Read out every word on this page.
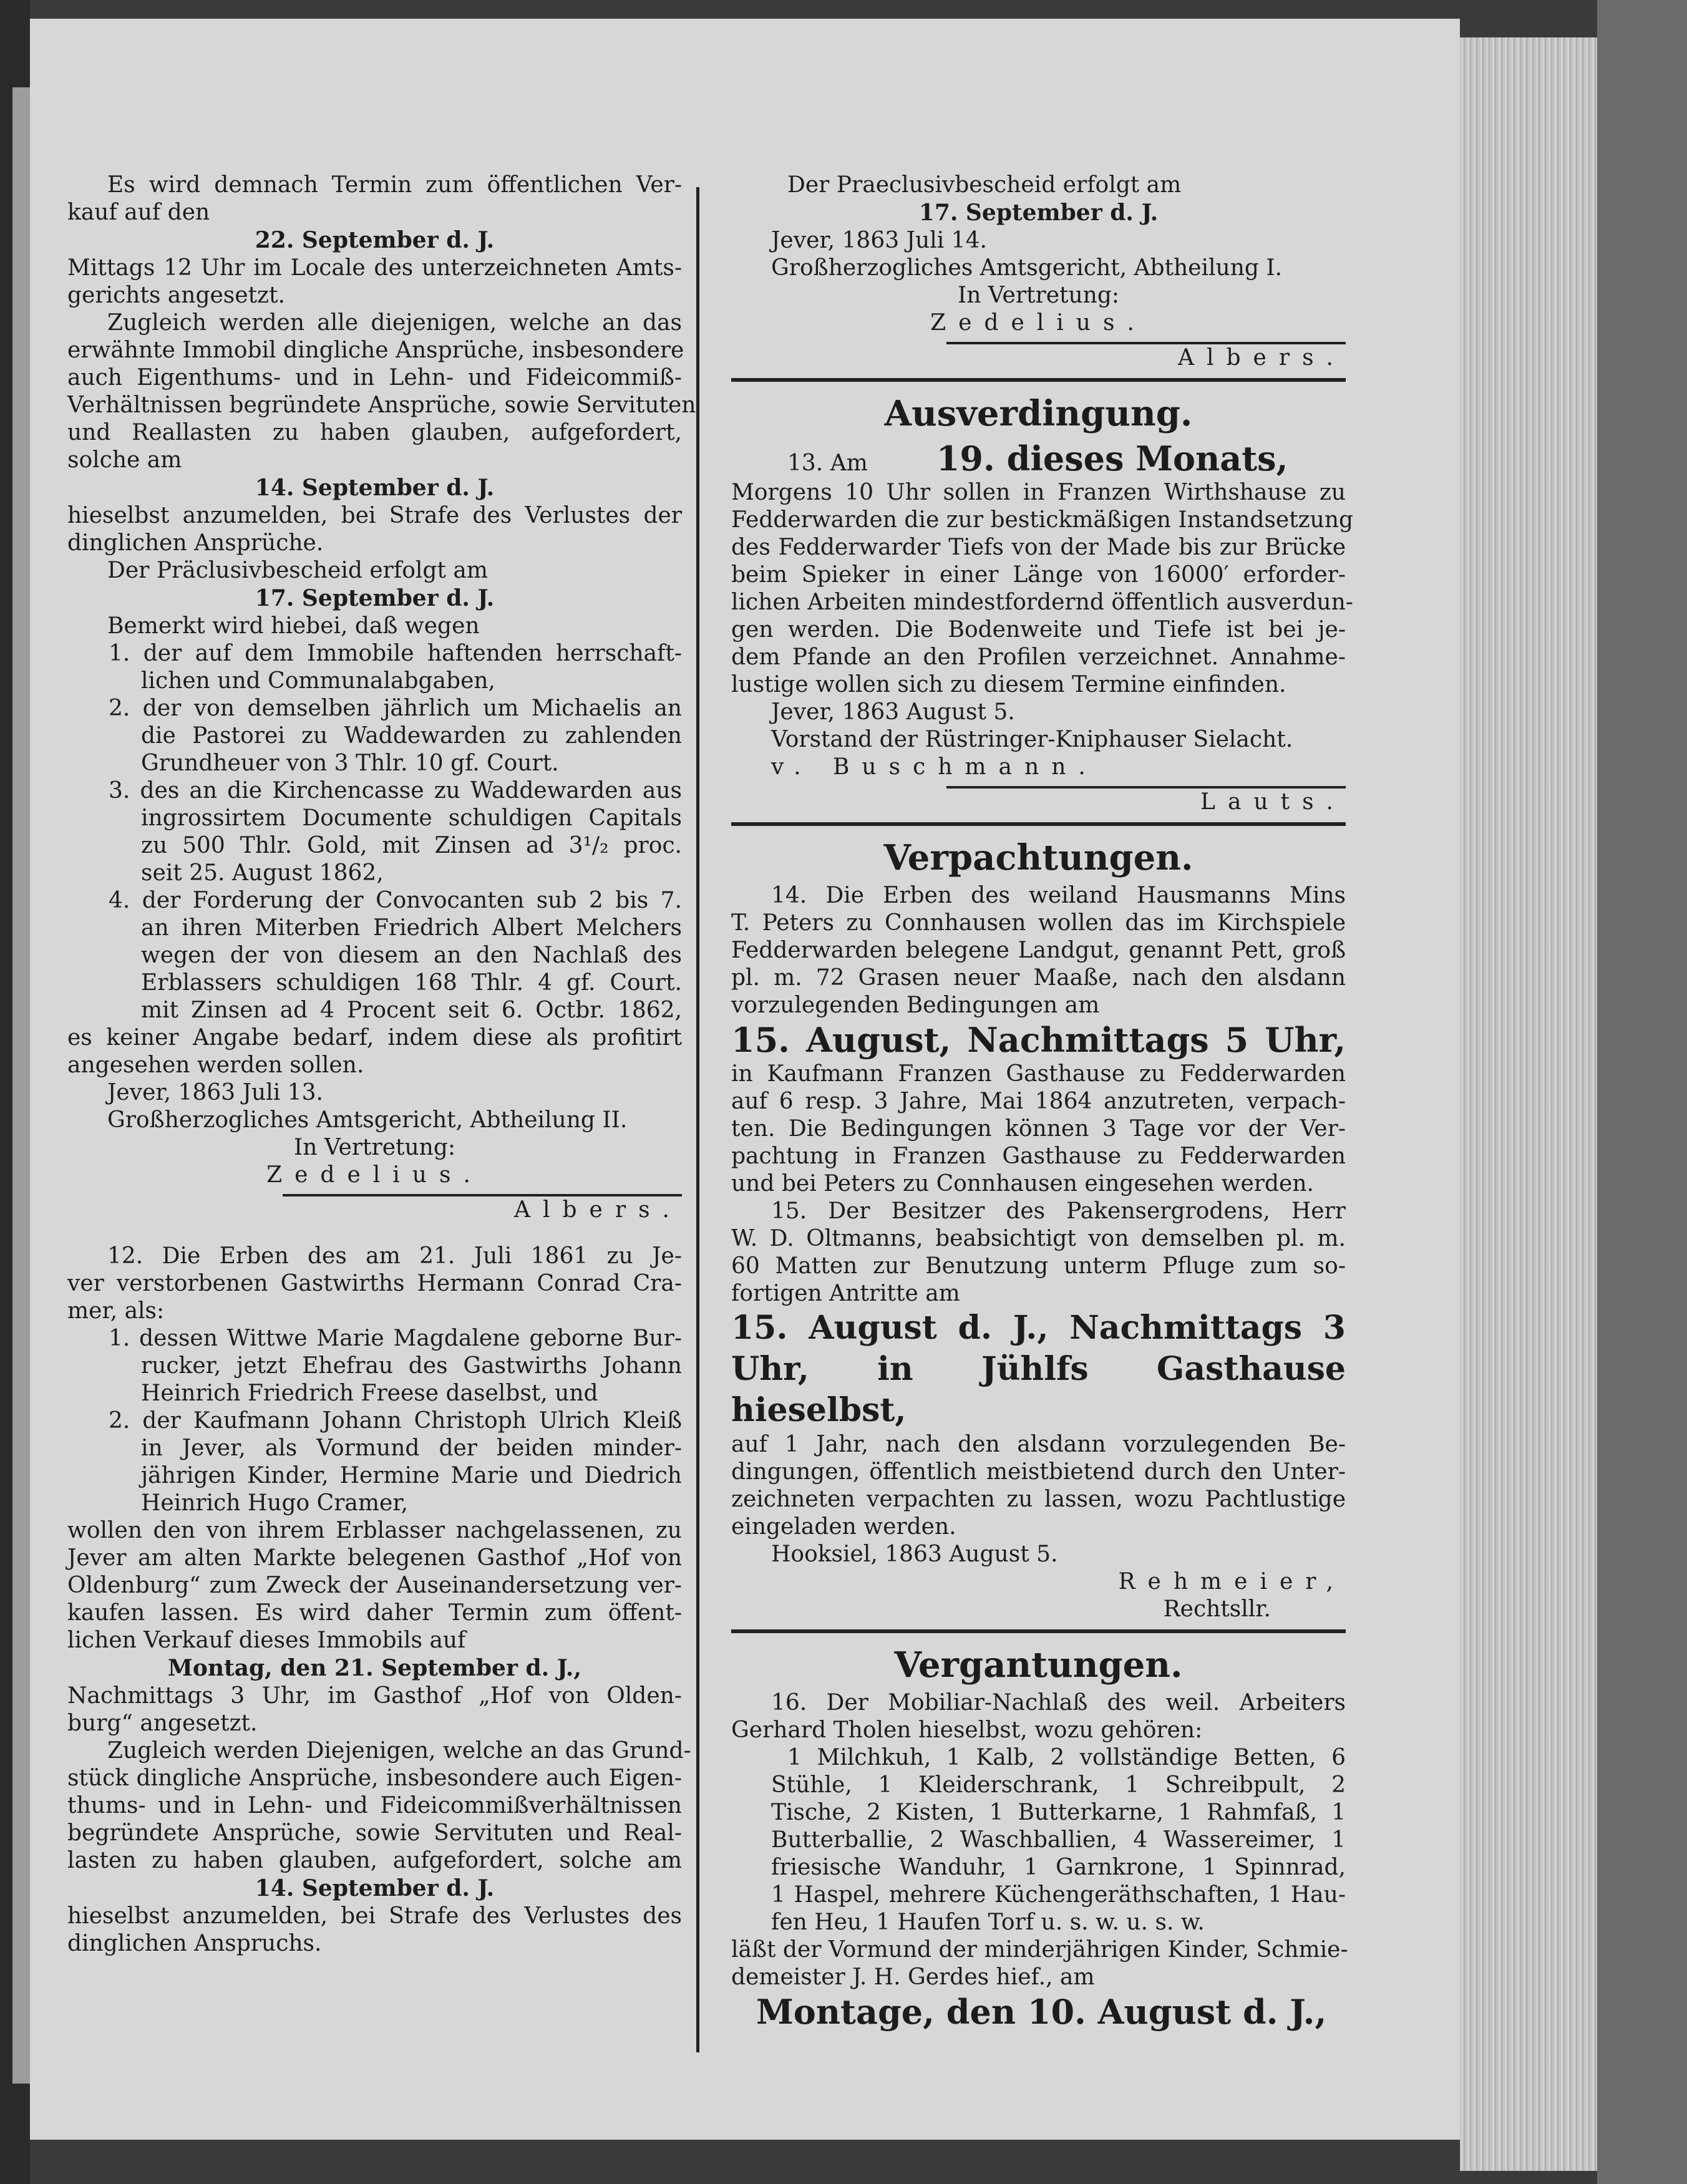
Es wird demnach Termin zum öffentlichen Ver-
kauf auf den
22. September d. J.
Mittags 12 Uhr im Locale des unterzeichneten Amts-
gerichts angesetzt.
Zugleich werden alle diejenigen, welche an das
erwähnte Immobil dingliche Ansprüche, insbesondere
auch Eigenthums- und in Lehn- und Fideicommiß-
Verhältnissen begründete Ansprüche, sowie Servituten
und Reallasten zu haben glauben, aufgefordert,
solche am
14. September d. J.
hieselbst anzumelden, bei Strafe des Verlustes der
dinglichen Ansprüche.
Der Präclusivbescheid erfolgt am
17. September d. J.
Bemerkt wird hiebei, daß wegen
1. der auf dem Immobile haftenden herrschaft-
lichen und Communalabgaben,
2. der von demselben jährlich um Michaelis an
die Pastorei zu Waddewarden zu zahlenden
Grundheuer von 3 Thlr. 10 gf. Court.
3. des an die Kirchencasse zu Waddewarden aus
ingrossirtem Documente schuldigen Capitals
zu 500 Thlr. Gold, mit Zinsen ad 3¹/₂ proc.
seit 25. August 1862,
4. der Forderung der Convocanten sub 2 bis 7.
an ihren Miterben Friedrich Albert Melchers
wegen der von diesem an den Nachlaß des
Erblassers schuldigen 168 Thlr. 4 gf. Court.
mit Zinsen ad 4 Procent seit 6. Octbr. 1862,
es keiner Angabe bedarf, indem diese als profitirt
angesehen werden sollen.
Jever, 1863 Juli 13.
Großherzogliches Amtsgericht, Abtheilung II.
In Vertretung:
Zedelius.
Albers.
12. Die Erben des am 21. Juli 1861 zu Je-
ver verstorbenen Gastwirths Hermann Conrad Cra-
mer, als:
1. dessen Wittwe Marie Magdalene geborne Bur-
rucker, jetzt Ehefrau des Gastwirths Johann
Heinrich Friedrich Freese daselbst, und
2. der Kaufmann Johann Christoph Ulrich Kleiß
in Jever, als Vormund der beiden minder-
jährigen Kinder, Hermine Marie und Diedrich
Heinrich Hugo Cramer,
wollen den von ihrem Erblasser nachgelassenen, zu
Jever am alten Markte belegenen Gasthof „Hof von
Oldenburg“ zum Zweck der Auseinandersetzung ver-
kaufen lassen. Es wird daher Termin zum öffent-
lichen Verkauf dieses Immobils auf
Montag, den 21. September d. J.,
Nachmittags 3 Uhr, im Gasthof „Hof von Olden-
burg“ angesetzt.
Zugleich werden Diejenigen, welche an das Grund-
stück dingliche Ansprüche, insbesondere auch Eigen-
thums- und in Lehn- und Fideicommißverhältnissen
begründete Ansprüche, sowie Servituten und Real-
lasten zu haben glauben, aufgefordert, solche am
14. September d. J.
hieselbst anzumelden, bei Strafe des Verlustes des
dinglichen Anspruchs.
Der Praeclusivbescheid erfolgt am
17. September d. J.
Jever, 1863 Juli 14.
Großherzogliches Amtsgericht, Abtheilung I.
In Vertretung:
Zedelius.
Albers.
Ausverdingung.
13. Am 19. dieses Monats,
Morgens 10 Uhr sollen in Franzen Wirthshause zu
Fedderwarden die zur bestickmäßigen Instandsetzung
des Fedderwarder Tiefs von der Made bis zur Brücke
beim Spieker in einer Länge von 16000′ erforder-
lichen Arbeiten mindestfordernd öffentlich ausverdun-
gen werden. Die Bodenweite und Tiefe ist bei je-
dem Pfande an den Profilen verzeichnet. Annahme-
lustige wollen sich zu diesem Termine einfinden.
Jever, 1863 August 5.
Vorstand der Rüstringer-Kniphauser Sielacht.
v. Buschmann.
Lauts.
Verpachtungen.
14. Die Erben des weiland Hausmanns Mins
T. Peters zu Connhausen wollen das im Kirchspiele
Fedderwarden belegene Landgut, genannt Pett, groß
pl. m. 72 Grasen neuer Maaße, nach den alsdann
vorzulegenden Bedingungen am
15. August, Nachmittags 5 Uhr,
in Kaufmann Franzen Gasthause zu Fedderwarden
auf 6 resp. 3 Jahre, Mai 1864 anzutreten, verpach-
ten. Die Bedingungen können 3 Tage vor der Ver-
pachtung in Franzen Gasthause zu Fedderwarden
und bei Peters zu Connhausen eingesehen werden.
15. Der Besitzer des Pakensergrodens, Herr
W. D. Oltmanns, beabsichtigt von demselben pl. m.
60 Matten zur Benutzung unterm Pfluge zum so-
fortigen Antritte am
15. August d. J., Nachmittags 3
Uhr, in Jühlfs Gasthause hieselbst,
auf 1 Jahr, nach den alsdann vorzulegenden Be-
dingungen, öffentlich meistbietend durch den Unter-
zeichneten verpachten zu lassen, wozu Pachtlustige
eingeladen werden.
Hooksiel, 1863 August 5.
Rehmeier,
Rechtsllr.
Vergantungen.
16. Der Mobiliar-Nachlaß des weil. Arbeiters
Gerhard Tholen hieselbst, wozu gehören:
1 Milchkuh, 1 Kalb, 2 vollständige Betten, 6
Stühle, 1 Kleiderschrank, 1 Schreibpult, 2
Tische, 2 Kisten, 1 Butterkarne, 1 Rahmfaß, 1
Butterballie, 2 Waschballien, 4 Wassereimer, 1
friesische Wanduhr, 1 Garnkrone, 1 Spinnrad,
1 Haspel, mehrere Küchengeräthschaften, 1 Hau-
fen Heu, 1 Haufen Torf u. s. w. u. s. w.
läßt der Vormund der minderjährigen Kinder, Schmie-
demeister J. H. Gerdes hief., am
Montage, den 10. August d. J.,
